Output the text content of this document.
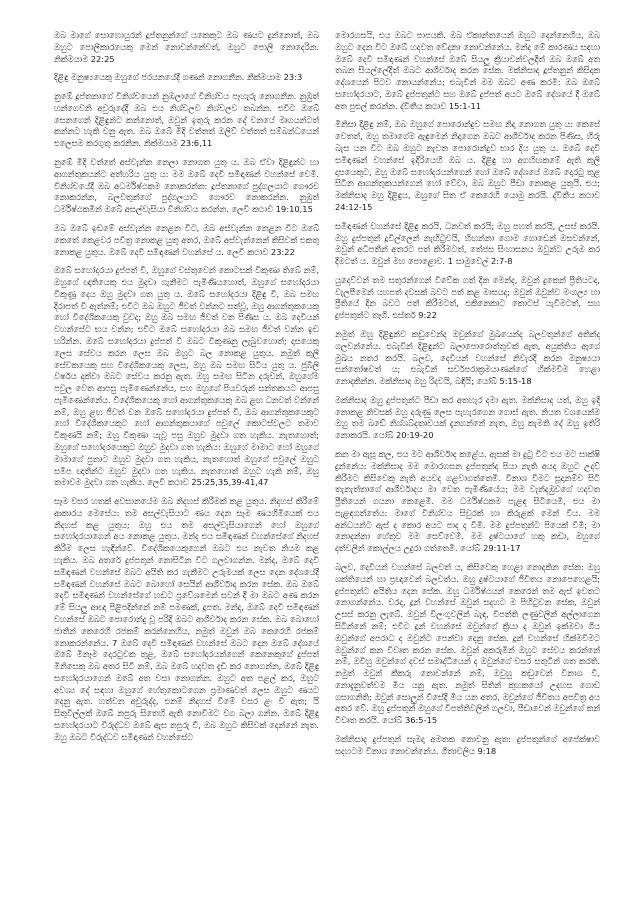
ඔබ මාගේ සොහොයුරන් දූප්තනුන්ගේ යකෙකුට ඔබ ණයට දුන්නොත්, ඔබ ඔහුට පොලීකාරයෙකු මෙන් නොවන්නේවත්, ඔහුට පොලී නොදෙරින. නික්මයාම 22:25

දිළිඳු මනුෂ්‍යයෙකු ඔහුගේ ජරයනයේදී ගණන් නොගනීන. නික්මයාම 23:3

නුඹේ දූප්තනාගේ විනිශ්චයෙන් නුඹලාගේ විනිශ්චය පෑහැරු නොගනීන. නුඹුත් හන්ගෙවනි අවුරුදේදී ඔබ එය නිශ්චලව නිශ්චලව තබන්න. එවිට ඔබේ සෙනගෙන් දිළිඳුන්ට කන්නොත්, ඔවුන් ඉතුරු කරන දේ වනයේ මෘගයන්ටත් කන්නට හැකි වනු ඇත. ඔබ ඔබේ මිදි වත්තත් ඔලිව් වත්තත් සම්බන්ධයෙන් එලෙසම කරගුතු කරනින. නික්මයාම 23:6,11

නුඹේ මිදි වත්තේ අස්වැන්න නෙලා නොගත යුතු ය. ඔබ ඒවා දිළිඳුන්ට හා ආගන්තුකයන්ට අත්හරිය යුතු ය: මම ඔබේ දෙවි සමිඳාණන් වහන්සේ වෙමි. විනිශ්චයේදී ඔබ අධර්මිෂ්ඨකම නොකරන්න: දූප්තනාගේ පුද්ගලයාට ගෞරව නොකරන්න, බලවතුන්ගේ පුද්ගලයාට ගෞරව නොකරන්න. නුඹුත් ධර්මිෂ්ඨකමින් ඔබේ අසල්වැසියා විනිශ්චය කරන්න. ලෙවී කථාව 19:10,15

ඔබ ඔබේ ඉඩමේ අස්වැන්න නෙළන විට, ඔබ අස්වැන්න නෙළන විට ඔබේ කෙතේ කෙළවර පවිත්‍ර නොකළ යුතු අතර, ඔබේ අස්වැන්නෙන් කිසිවක් එකතු නොකළ යුතුය. ඔබේ දෙවි සමිඳාණන් වහන්සේ ය. ලෙවී කථාව 23:22

ඔබේ සහෝදරයා දුප්පත් වී, ඔහුගේ වස්තුවෙන් කොටසක් විකුණා තිබේ නම්, ඔහුගේ ඥාතියෙකු එය මුදවා ගැනීමට පැමිණියහොත්, ඔහුගේ සහෝදරයා විකුණූ දෙය ඔහු මුදවා ගත යුතු ය. ඔබේ සහෝදරයා දිළිඳු වී, ඔබ සමඟ දිරාපත් වී ඇත්නම්; එවිට ඔබ ඔහුට ජීවත් වන්නට සත්වූ, ඔහු ආගන්තුකයෙකු හෝ විදේශිකයෙකු වුවද; ඔහු ඔබ සමඟ ජීවත් වන පිණිස ය. ඔබ දෙවියන් වහන්සේට භය වන්න; එවිට ඔබේ සහෝදරයා ඔබ සමඟ ජීවත් වන්න ඉඩ හරින්න. ඔබේ සහෝදරයා දුප්පත් වී ඔබට විකුණනු ලැබුවහොත්; දාසයෙකු ලෙස සේවය කරන ලෙස ඔබ ඔහුට බල නොකළ යුතුය. නමුත් කුලී සේවකයෙකු සහ විදේශිකයෙකු ලෙස, ඔහු ඔබ සමඟ සිටිය යුතු ය. ජුබිලි වර්ෂය දක්වා ඔබට සේවය කරනු ඇත. ඔහු සමඟ සිටින දරුවන්, ඔහුගේම පවුල වෙත ආපසු පැමිණෙන්නේය, සහ ඔහුගේ පියවරුන් සන්තකයට ආපසු පැමිණෙන්නේය. විදේශිකයෙකු හෝ ආගන්තුකයෙකු ඔබ ළඟ ධනවත් වන්නේ නම්, ඔහු ළඟ ජීවත් වන ඔබේ සහෝදරයා දුප්පත් වී, ඔබ ආගන්තුකයෙකුට හෝ විදේශිකයෙකුට හෝ ආගන්තුකයාගේ පවුලේ කොටස්වලට තමාව විකුණයි නම්; ඔහු විකුණා යැවූ පසු ඔහුව මුදවා ගත හැකිය. නැතහොත්; ඔහුගේ සහෝදරයෙකුට ඔහුව මුදවා ගත හැකිය: ඔහුගේ මාමාට හෝ ඔහුගේ මාමාගේ පුතාට ඔහුව මුදවා ගත හැකිය, නැතහොත් ඔහුගේ පවුලේ ඔහුට සමීප ඥාතීන්ට ඔහුව මුදවා ගත හැකිය. නැතහොත් ඔහුට හැකි නම්, ඔහු තමාවම මුදවා ගත හැකිය. ලෙවී කථාව 25:25,35,39-41,47

සෑම වසර හතක් අවසානයේම ඔබ නිදහස් කිරීමක් කළ යුතුය. නිදහස් කිරීමේ ආකාරය මෙසේය: තම අසල්වැසියාට ණය දෙන සෑම ණයහිමියෙක් එය නිදහස් කළ යුතුය; ඔහු එය තම අසල්වැසියාගෙන් හෝ ඔහුගේ සහෝදරයාගෙන් අය නොකළ යුතුය. මන්ද එය සමිඳාණන් වහන්සේගේ නිදහස් කිරීම ලෙස හැඳින්වේ. විදේශිකයෙකුගෙන් ඔබට එය නැවත නියම කළ හැකිය. ඔබ අතරේ දුප්පතුන් නොසිටින විට ගලවාගන්න. මන්ද, ඔබේ දෙවි සමිඳාණන් වහන්සේ ඔබට අයිති කර ගැනීමට උරුමයක් ලෙස දෙන දේශයේදී සමිඳාණන් වහන්සේ ඔබට බොහෝ සෙයින් ආශීර්වාද කරන සේක. ඔබ ඔබේ දෙවි සමිඳාණන් වහන්සේගේ හඬට ප්‍රවේශමෙන් සවන් දී මා ඔබට අණ කරන මේ සියලු ආඥා පිළිපදින්නේ නම් පමණක්, දූපත. මන්ද, ඔබේ දෙවි සමිඳාණන් වහන්සේ ඔබට පොරොන්දු වූ පරිදි ඔබට ආශීර්වාද කරන සේක. ඔබ බොහෝ ජාතීන් කෙරෙහි රජකම් කරන්නෙහිය, නමුත් ඔවුන් ඔබ කෙරෙහි රජකම් නොකරන්නේය. 7 ඔබේ දෙවි සමිඳාණන් වහන්සේ ඔබට දෙන ඔබේ දේශයේ ඔබේ මිනෑම දොරටුවක තුළ, ඔබේ සහෝදරයන්ගෙන් කෙනෙකුගේ දුප්පත් මිනිසෙකු ඔබ අතර සිටි නම්, ඔබ ඔබේ හදවත දැඩි කර නොගන්න, ඔබේ දිළිඳු සහෝදරයාගෙන් ඔබේ අත වසා නොගන්න. ඔහුට අත පළල් කර, ඔහුට අවශ්‍ය දේ සඳහා ඔහුගේ හේතුකොටගෙන ප්‍රමාණවත් ලෙස ඔහුට ණයට දෙනු ඇත. හත්වන අවුරුද්ද, එනම් නිදහස් වීමේ වසර ළං වී ඇත; යි සිතුවිල්ලක් ඔබේ නපුරු සිතෙහි ඇති නොවීමට වග බලා ගන්න. ඔබේ දිළිඳු සහෝදරයාට විරුද්ධව ඔබේ ඇස නපුරු වී, ඔබ ඔහුට කිසිවක් දෙන්නේ නැත. ඔහු ඔබට විරුද්ධව සමිඳාණන් වහන්සේට

මොරගසයි, එය ඔබට පාපයකි. ඔබ ඒකාන්තයෙන් ඔහුට දෙන්නෙහිය, ඔබ ඔහුට දෙන විට ඔබේ හදවත වේදනා නොවන්නේය. මන්ද මේ කාරණය සඳහා ඔබේ දෙවි සමිඳාණන් වහන්සේ ඔබේ සියලු ක්‍රියාවන්වලදීත් ඔබ ඔබේ අත තබන සියල්ලේදීත් ඔබට ආශීර්වාද කරන සේක. මක්නිසාද දූප්තනුන් කිසිදාක දේශයෙන් පිටව නොයන්නේය; එබැවින් මම ඔබට අණ කරමි: ඔබ ඔබේ සහෝදරයාට, ඔබේ දුප්පතුන්ට සහ ඔබේ දුප්පත් අයට ඔබේ දේශයේ දී ඔබේ අත පුළුල් කරන්න. ද්විතීය කථාව 15:1-11

මිනිසා දිළිඳු නම්, ඔබ ඔහුගේ පොරොන්දුව සමඟ නිදා නොගත යුතු ය: කෙසේ වෙතත්, ඔහු තමාගේම ඇඳුමෙන් නිදාගෙන ඔබට ආශීර්වාද කරන පිණිස, හිරු බැස යන විට ඔබ ඔහුට නැවත පොරොන්දුව භාර දිය යුතු ය. ඔබේ දෙවි සමිඳාණන් වහන්සේ ඉදිරියෙහි ඔබ ය. දිළිඳු හා අගහිඟකමේ ඇති කුලී දාසයෙකුට, ඔහු ඔබේ සහෝදරයන්ගෙන් හෝ ඔබේ දේශයේ ඔබේ දොරටු තුළ සිටින ආගන්තුකයන්ගෙන් හෝ වේවා, ඔබ ඔහුට පීඩා නොකළ යුතුයි. එය; මක්නිසාද ඔහු දිළිඳුය, ඔහුගේ සිත ඒ කෙරෙහි යොමු කරයි. ද්විතීය කථාව 24:12-15

සමිඳාණන් වහන්සේ දිළිඳු කරයි, ධනවත් කරයි; ඔහු පහත් කරයි, උසස් කරයි. ඔහු දුප්පතුන් දූවිල්ලෙන් නැඟිටුවයි, හිඟන්නා ගොම ගොඩෙන් ඔසවන්නේ, ඔවුන් අධිපතීන් අතරට පත් කිරීමටත්, තේජස සිංහාසනය ඔවුන්ට උරුම කර දීමටත් ය. ඔවුන් මහ පොළොව. 1 සාමුවෙල් 2:7-8

යුදෙව්වන් තම සතුරන්ගෙන් විවේක ගත් දින මෙන්ද, ඔවුන් දුකෙන් ප්‍රීතියටද, වැලපීමෙන් යහපත් දවසක් බවට පත් කළ මාසයද; ඔවුන් ඔවුන්ව මංගල්‍ය හා ප්‍රීතියේ දින බවට පත් කිරීමටත්, එකිනෙකාට කොටස් යැවීමටත්, සහ දුප්පතුන්ට තෑගි. එස්තර් 9:22

නමුත් ඔහු දිළිඳුන්ව කඩුවෙන්ද ඔවුන්ගේ මුඛයෙන්ද බලවතුන්ගේ අතින්ද ගලවන්නේය. එබැවින් දිළිඳුන්ට බලාපොරොත්තුවක් ඇත, අයුක්තිය ඇගේ මුඛය නතර කරයි. බලව, දෙවියන් වහන්සේ නිවැරදි කරන මනුෂ්‍යයා සන්තෝෂවත් ය; එබැවින් සර්වපරාක්‍රමයාණන්ගේ හික්මවීම හෙළා නොදකින්න. මක්නිසාද ඔහු රිදවයි, බඳියි; යෝබ් 5:15-18

මක්නිසාද ඔහු දුප්පතුන්ට පීඩා කර අතහැර දමා ඇත. මක්නිසාද යත්, ඔහු ඉදි නොකළ නිවසක් ඔහු දරුණු ලෙස පැහැරගෙන ගොස් ඇත. නියත වශයෙන්ම ඔහු තම බඩේ නිශ්ශබ්දතාවයක් දැනගන්නේ නැත, ඔහු කැමති දේ ඔහු ඉතිරි නොකරයි. යෝබ් 20:19-20

කන මා ඇසූ කල, එය මට ආශීර්වාද කළේය. ඇසක් මා දුටු විට එය මට සාක්ෂි දුන්නේය: මක්නිසාද මම මොරගසන දුප්පතුන්ද පියා නැති අයද ඔහුට උදව් කිරීමට කිසිවෙකු නැති අයවද ගළවාගත්තෙමි. විනාශ වීමට සූදානම්ව සිටි තැනැත්තාගේ ආශීර්වාදය මා වෙත පැමිණියේය; මම වැන්දඹුවගේ හදවත ප්‍රීතියෙන් ගයනා කෙළෙමි. මම ධර්මිෂ්ඨකම පැළඳ සිටියෙමි, එය මා පැළඳගත්තේය: මාගේ විනිශ්චය සිවුරක් හා කිරුළක් මෙන් විය. මම අන්ධයන්ට ඇස් ද කොර අයට පාද ද වීමි. මම දුප්පතුන්ට පියෙක් වීමි; මා නොදන්නා හේතුව මම සෙව්වෙමි. මම දුෂ්ටයාගේ හකු කඩා, ඔහුගේ දත්වලින් කොල්ලය උදුරා ගත්තෙමි. යෝබ් 29:11-17

බලව, දෙවියන් වහන්සේ බලවත් ය, කිසිවෙකු හෙළා නොදකින සේක: ඔහු ශක්තියෙන් හා ප්‍රඥාවෙන් බලවත්ය. ඔහු දුෂ්ටයාගේ ජීවිතය නොපෙහෙළයි; දුප්පතුන්ට අයිතිය දෙන සේක. ඔහු ධර්මිෂ්ඨයන් කෙරෙන් තම ඇස් ඉවතට නොගන්නේය. වරද, දූන් වහන්සේ ඔවුන් සදහට ම පිහිටුවන සේක, ඔවුන් උසස් කරනු ලැබේ. ඔවුන් විලංගුවලින් බැඳ, විපත්ති ලණුවලින් අල්ලාගෙන සිටින්නේ නම්; එවිට දූන් වහන්සේ ඔවුන්ගේ ක්‍රියා ද ඔවුන් ඉක්මවා ගිය ඔවුන්ගේ අපරාධ ද ඔවුන්ට පෙන්වා දෙනු සේක. දූන් වහන්සේ හික්මවීමට ඔවුන්ගේ කන විවෘත කරන සේක. ඔවුන් අකරුමින් ඔහුට සේවය කරන්නේ නම්, ඔවිහු ඔවුන්ගේ දවස් සමෘද්ධියෙන් ද ඔවුන්ගේ වසර සතුටින් ගත කරති. නමුත් ඔවුන් කීකරු නොවන්නේ නම්, ඔවුහු කඩුවෙන් විනාශ වී, නොදැනුවත්වම මිය යනු ඇත. නමුත් සිතින් කුහකයෝ උදහස ගොඩ ගසාගනිති; ඔවුන් සොලුන් විසේදී මිය යන අතර, ඔවුන්ගේ ජීවිතය අපවිත්‍ර අය අතර වේ. ඔහු දුප්පතුන් ඔහුගේ විපත්තිවලින් ගලවා, පීඩාවෙන් ඔවුන්ගේ කන් විවෘත කරයි. යෝබ් 36:5-15

මක්නිසාද දුප්පතුන් සැමදා අමතක නොවනු ඇත: දුප්පතුන්ගේ අපේක්ෂාව සදහටම විනාශ නොවන්නේය. ගීතාවලිය 9:18
